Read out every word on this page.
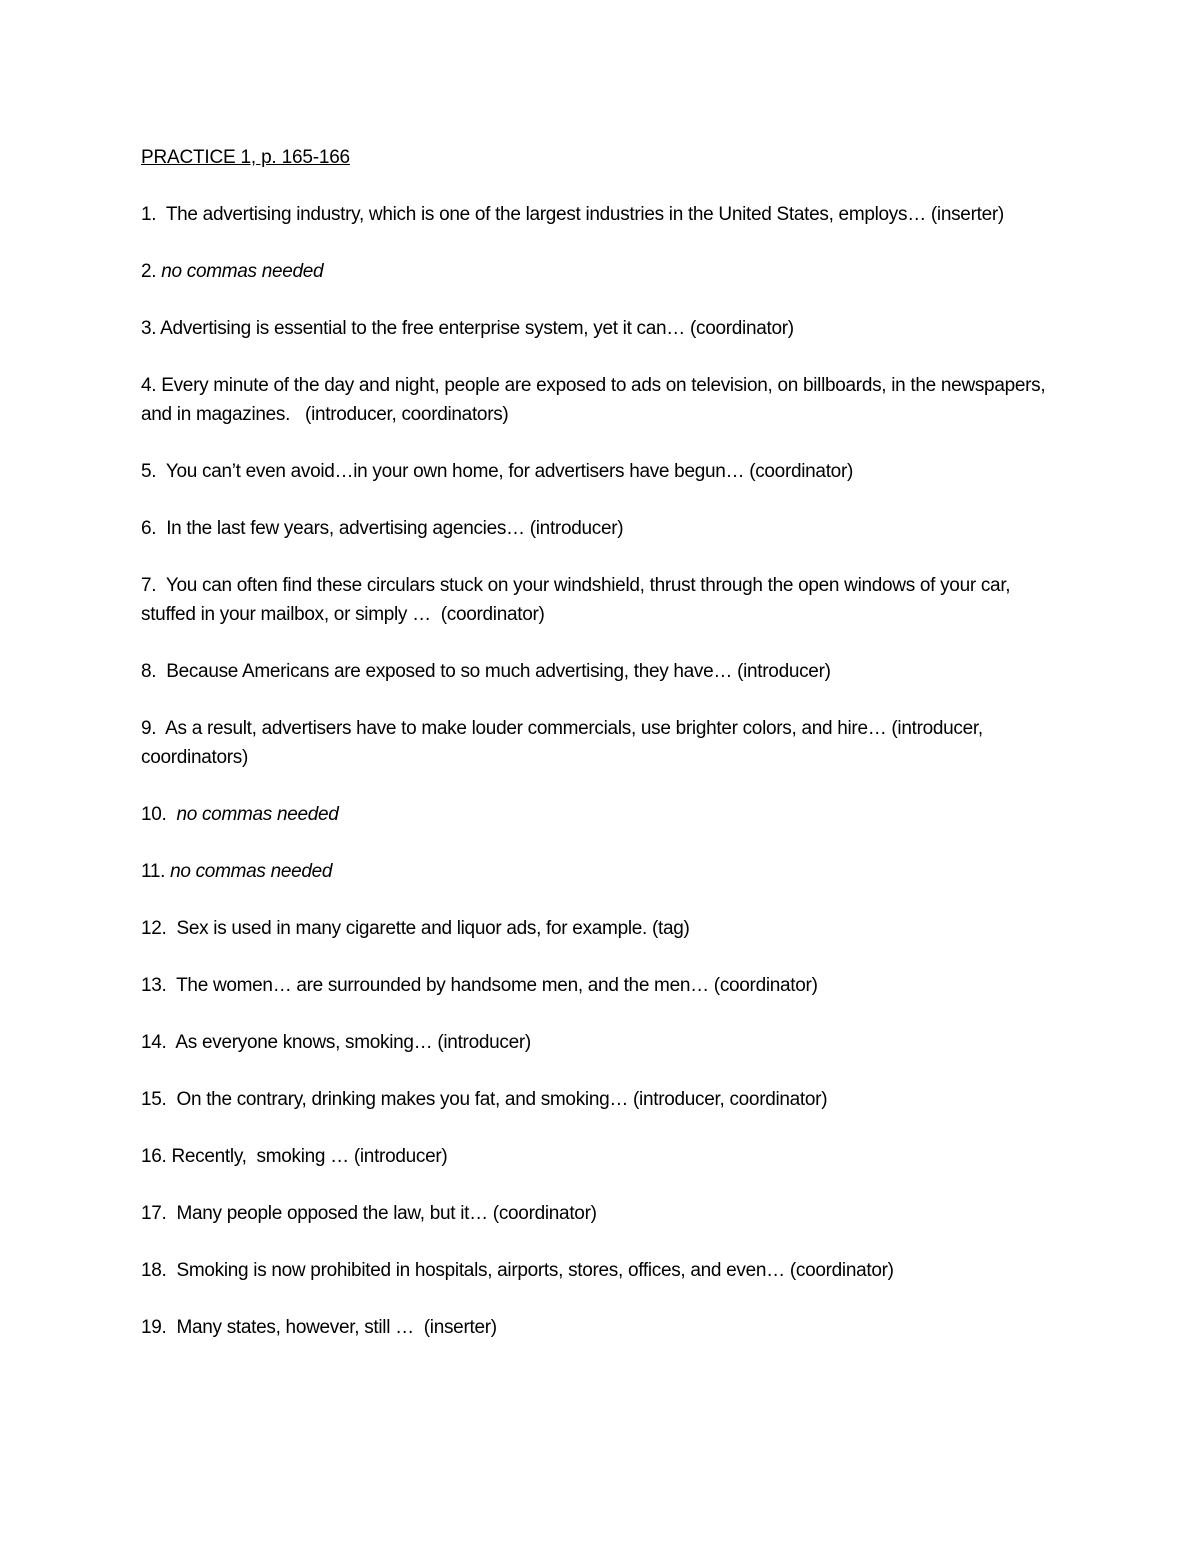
PRACTICE 1, p. 165-166
1.  The advertising industry, which is one of the largest industries in the United States, employs… (inserter)
2. no commas needed
3. Advertising is essential to the free enterprise system, yet it can… (coordinator)
4. Every minute of the day and night, people are exposed to ads on television, on billboards, in the newspapers, and in magazines.   (introducer, coordinators)
5.  You can’t even avoid…in your own home, for advertisers have begun… (coordinator)
6.  In the last few years, advertising agencies… (introducer)
7.  You can often find these circulars stuck on your windshield, thrust through the open windows of your car, stuffed in your mailbox, or simply …  (coordinator)
8.  Because Americans are exposed to so much advertising, they have… (introducer)
9.  As a result, advertisers have to make louder commercials, use brighter colors, and hire… (introducer, coordinators)
10.  no commas needed
11. no commas needed
12.  Sex is used in many cigarette and liquor ads, for example. (tag)
13.  The women… are surrounded by handsome men, and the men… (coordinator)
14.  As everyone knows, smoking… (introducer)
15.  On the contrary, drinking makes you fat, and smoking… (introducer, coordinator)
16. Recently,  smoking … (introducer)
17.  Many people opposed the law, but it… (coordinator)
18.  Smoking is now prohibited in hospitals, airports, stores, offices, and even… (coordinator)
19.  Many states, however, still …  (inserter)
